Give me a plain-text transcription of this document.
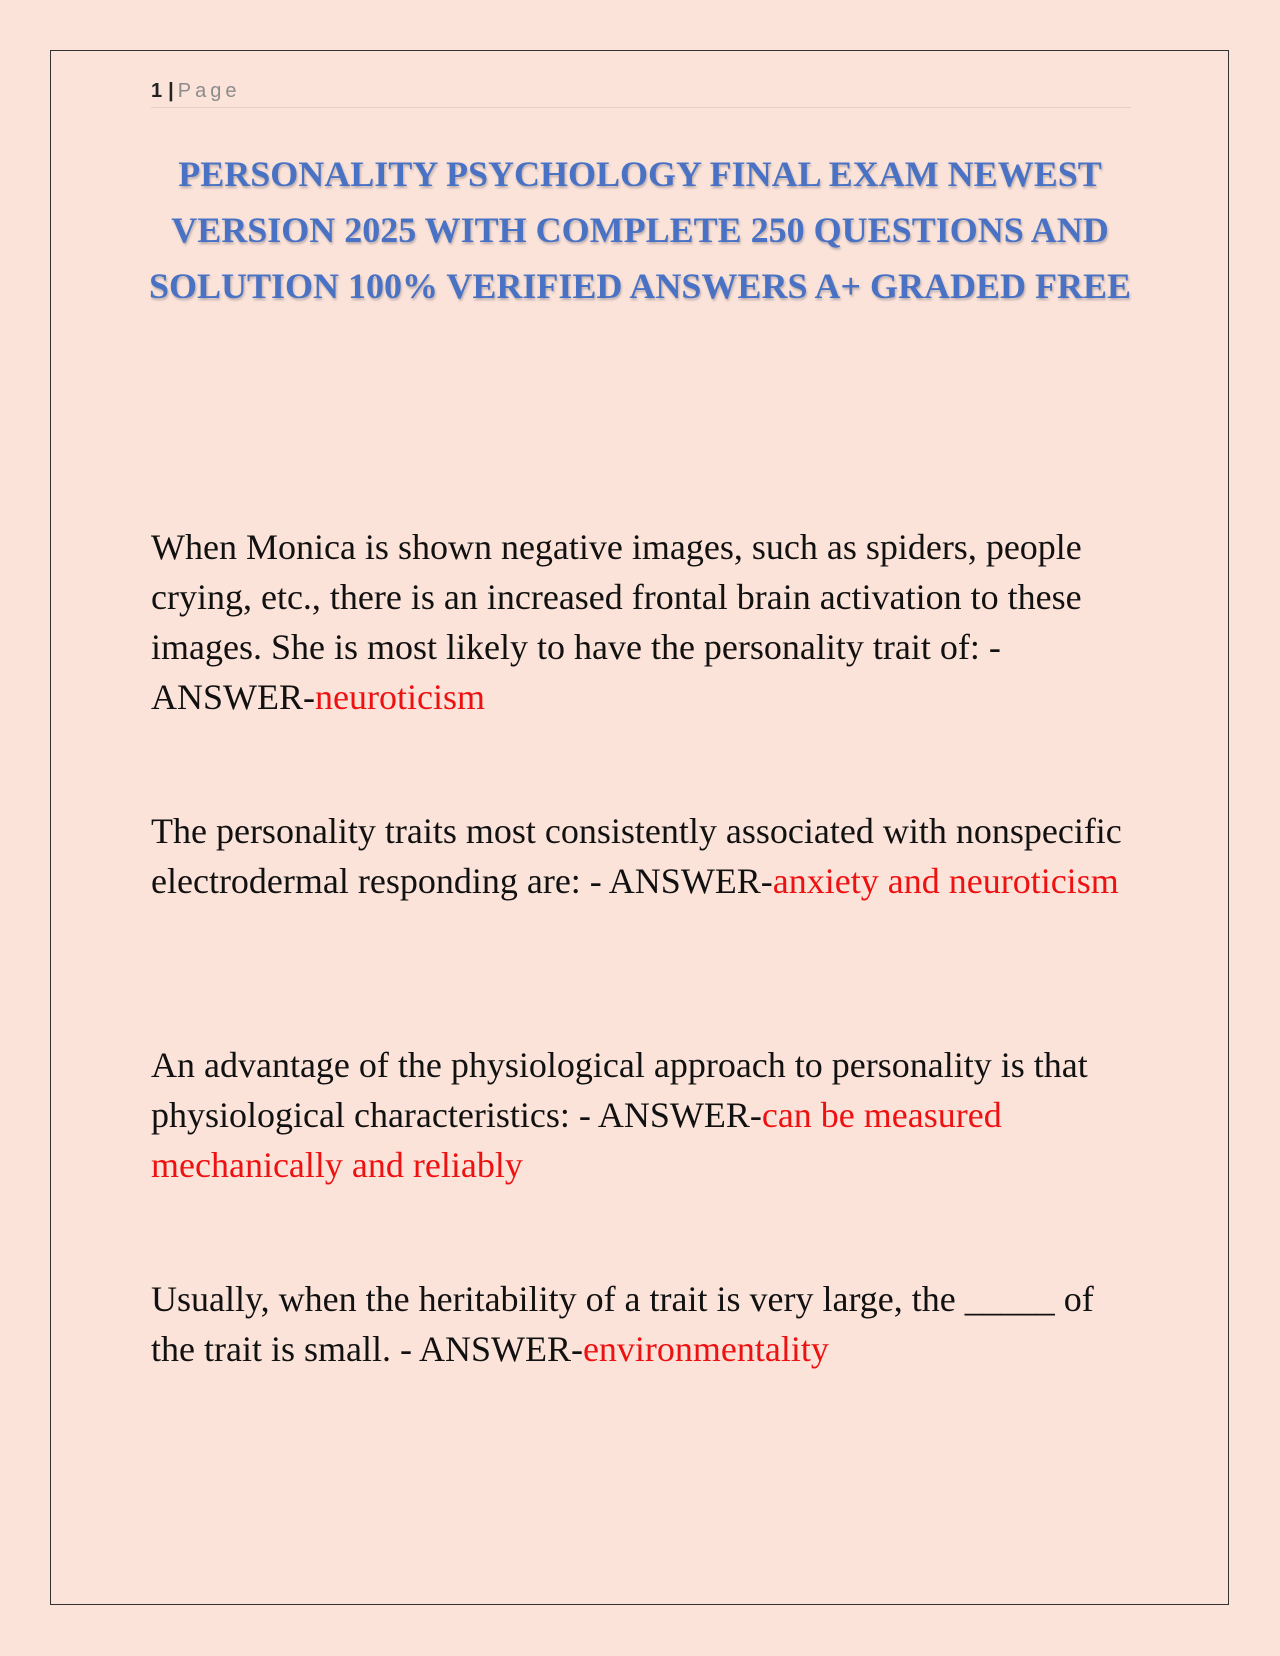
1 | Page
PERSONALITY PSYCHOLOGY FINAL EXAM NEWEST VERSION 2025 WITH COMPLETE 250 QUESTIONS AND SOLUTION 100% VERIFIED ANSWERS A+ GRADED FREE

When Monica is shown negative images, such as spiders, people crying, etc., there is an increased frontal brain activation to these images. She is most likely to have the personality trait of: - ANSWER-neuroticism

The personality traits most consistently associated with nonspecific electrodermal responding are: - ANSWER-anxiety and neuroticism

An advantage of the physiological approach to personality is that physiological characteristics: - ANSWER-can be measured mechanically and reliably

Usually, when the heritability of a trait is very large, the _____ of the trait is small. - ANSWER-environmentality
